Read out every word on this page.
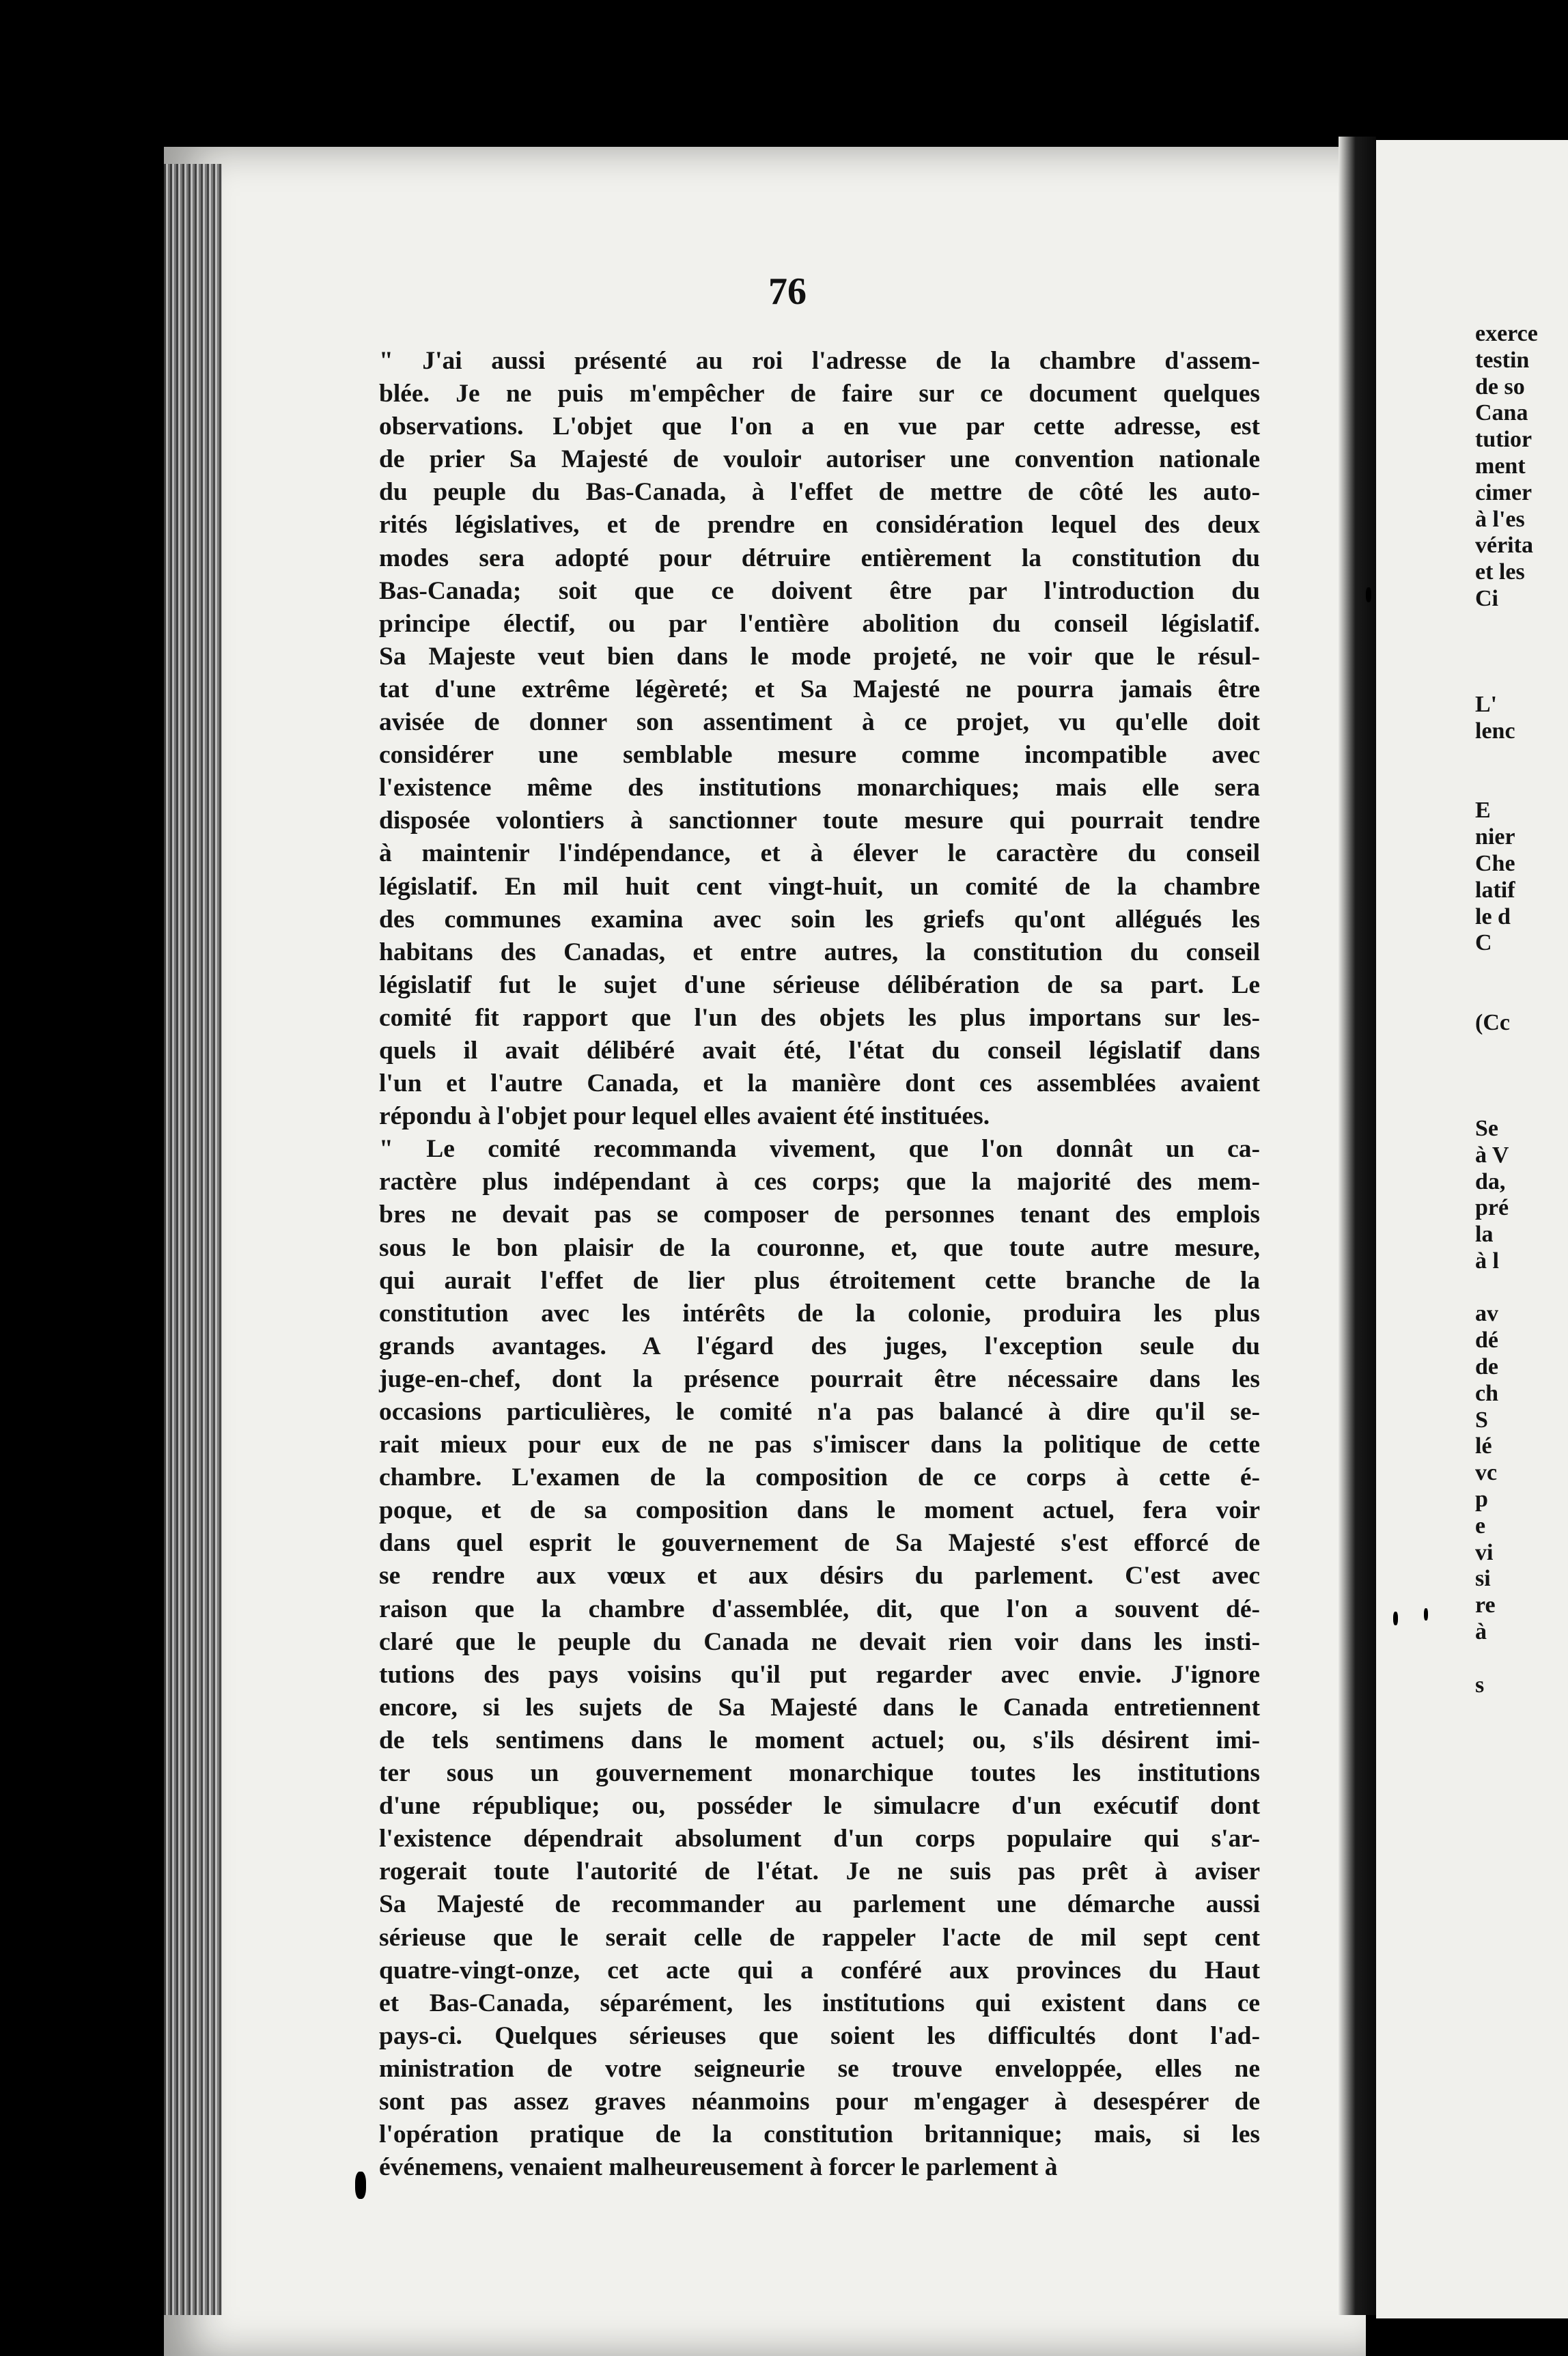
76
" J'ai aussi présenté au roi l'adresse de la chambre d'assem-
blée. Je ne puis m'empêcher de faire sur ce document quelques
observations. L'objet que l'on a en vue par cette adresse, est
de prier Sa Majesté de vouloir autoriser une convention nationale
du peuple du Bas-Canada, à l'effet de mettre de côté les auto-
rités législatives, et de prendre en considération lequel des deux
modes sera adopté pour détruire entièrement la constitution du
Bas-Canada; soit que ce doivent être par l'introduction du
principe électif, ou par l'entière abolition du conseil législatif.
Sa Majeste veut bien dans le mode projeté, ne voir que le résul-
tat d'une extrême légèreté; et Sa Majesté ne pourra jamais être
avisée de donner son assentiment à ce projet, vu qu'elle doit
considérer une semblable mesure comme incompatible avec
l'existence même des institutions monarchiques; mais elle sera
disposée volontiers à sanctionner toute mesure qui pourrait tendre
à maintenir l'indépendance, et à élever le caractère du conseil
législatif. En mil huit cent vingt-huit, un comité de la chambre
des communes examina avec soin les griefs qu'ont allégués les
habitans des Canadas, et entre autres, la constitution du conseil
législatif fut le sujet d'une sérieuse délibération de sa part. Le
comité fit rapport que l'un des objets les plus importans sur les-
quels il avait délibéré avait été, l'état du conseil législatif dans
l'un et l'autre Canada, et la manière dont ces assemblées avaient
répondu à l'objet pour lequel elles avaient été instituées.
" Le comité recommanda vivement, que l'on donnât un ca-
ractère plus indépendant à ces corps; que la majorité des mem-
bres ne devait pas se composer de personnes tenant des emplois
sous le bon plaisir de la couronne, et, que toute autre mesure,
qui aurait l'effet de lier plus étroitement cette branche de la
constitution avec les intérêts de la colonie, produira les plus
grands avantages. A l'égard des juges, l'exception seule du
juge-en-chef, dont la présence pourrait être nécessaire dans les
occasions particulières, le comité n'a pas balancé à dire qu'il se-
rait mieux pour eux de ne pas s'imiscer dans la politique de cette
chambre. L'examen de la composition de ce corps à cette é-
poque, et de sa composition dans le moment actuel, fera voir
dans quel esprit le gouvernement de Sa Majesté s'est efforcé de
se rendre aux vœux et aux désirs du parlement. C'est avec
raison que la chambre d'assemblée, dit, que l'on a souvent dé-
claré que le peuple du Canada ne devait rien voir dans les insti-
tutions des pays voisins qu'il put regarder avec envie. J'ignore
encore, si les sujets de Sa Majesté dans le Canada entretiennent
de tels sentimens dans le moment actuel; ou, s'ils désirent imi-
ter sous un gouvernement monarchique toutes les institutions
d'une république; ou, posséder le simulacre d'un exécutif dont
l'existence dépendrait absolument d'un corps populaire qui s'ar-
rogerait toute l'autorité de l'état. Je ne suis pas prêt à aviser
Sa Majesté de recommander au parlement une démarche aussi
sérieuse que le serait celle de rappeler l'acte de mil sept cent
quatre-vingt-onze, cet acte qui a conféré aux provinces du Haut
et Bas-Canada, séparément, les institutions qui existent dans ce
pays-ci. Quelques sérieuses que soient les difficultés dont l'ad-
ministration de votre seigneurie se trouve enveloppée, elles ne
sont pas assez graves néanmoins pour m'engager à desespérer de
l'opération pratique de la constitution britannique; mais, si les
événemens, venaient malheureusement à forcer le parlement à
exerce
testin
de so
Cana
tutior
ment
cimer
à l'es
vérita
et les
Ci
L'
lenc
E
nier
Che
latif
le d
C
(Cc
Se
à V
da,
pré
la
à l
av
dé
de
ch
S
lé
vc
p
e
vi
si
re
à
s
